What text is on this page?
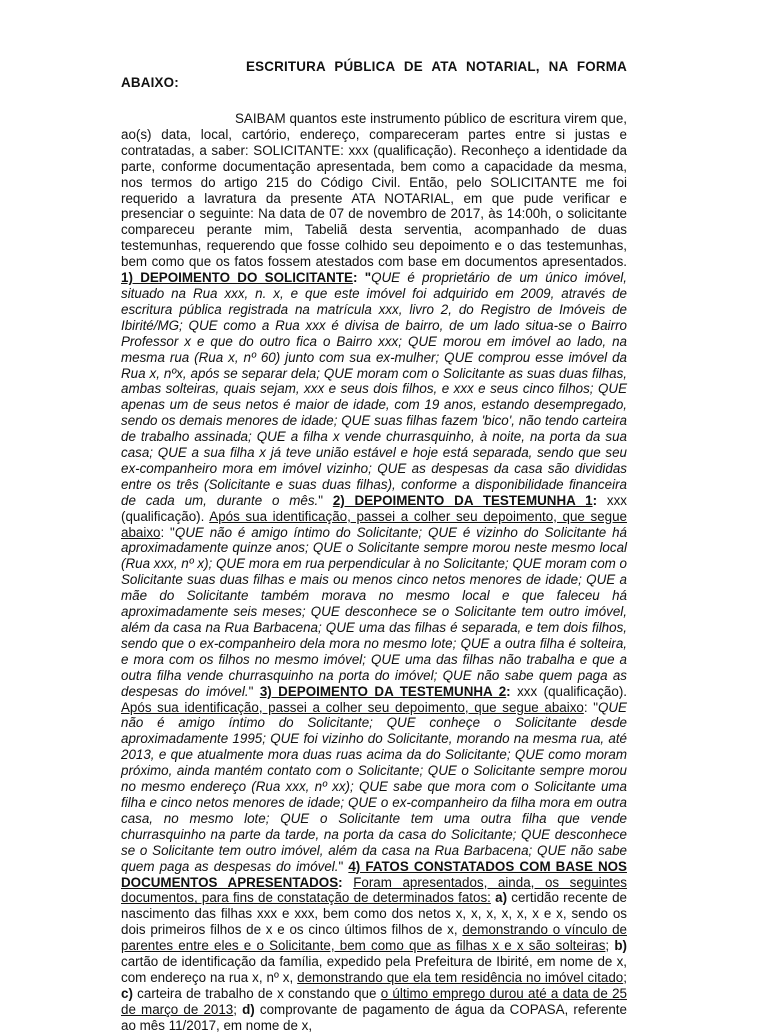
ESCRITURA PÚBLICA DE ATA NOTARIAL, NA FORMA
ABAIXO:
SAIBAM quantos este instrumento público de escritura virem que, ao(s) data, local, cartório, endereço, compareceram partes entre si justas e contratadas, a saber: SOLICITANTE: xxx (qualificação). Reconheço a identidade da parte, conforme documentação apresentada, bem como a capacidade da mesma, nos termos do artigo 215 do Código Civil. Então, pelo SOLICITANTE me foi requerido a lavratura da presente ATA NOTARIAL, em que pude verificar e presenciar o seguinte: Na data de 07 de novembro de 2017, às 14:00h, o solicitante compareceu perante mim, Tabeliã desta serventia, acompanhado de duas testemunhas, requerendo que fosse colhido seu depoimento e o das testemunhas, bem como que os fatos fossem atestados com base em documentos apresentados. 1) DEPOIMENTO DO SOLICITANTE: "QUE é proprietário de um único imóvel, situado na Rua xxx, n. x, e que este imóvel foi adquirido em 2009, através de escritura pública registrada na matrícula xxx, livro 2, do Registro de Imóveis de Ibirité/MG; QUE como a Rua xxx é divisa de bairro, de um lado situa-se o Bairro Professor x e que do outro fica o Bairro xxx; QUE morou em imóvel ao lado, na mesma rua (Rua x, nº 60) junto com sua ex-mulher; QUE comprou esse imóvel da Rua x, nºx, após se separar dela; QUE moram com o Solicitante as suas duas filhas, ambas solteiras, quais sejam, xxx e seus dois filhos, e xxx e seus cinco filhos; QUE apenas um de seus netos é maior de idade, com 19 anos, estando desempregado, sendo os demais menores de idade; QUE suas filhas fazem 'bico', não tendo carteira de trabalho assinada; QUE a filha x vende churrasquinho, à noite, na porta da sua casa; QUE a sua filha x já teve união estável e hoje está separada, sendo que seu ex-companheiro mora em imóvel vizinho; QUE as despesas da casa são divididas entre os três (Solicitante e suas duas filhas), conforme a disponibilidade financeira de cada um, durante o mês." 2) DEPOIMENTO DA TESTEMUNHA 1: xxx (qualificação). Após sua identificação, passei a colher seu depoimento, que segue abaixo: "QUE não é amigo íntimo do Solicitante; QUE é vizinho do Solicitante há aproximadamente quinze anos; QUE o Solicitante sempre morou neste mesmo local (Rua xxx, nº x); QUE mora em rua perpendicular à no Solicitante; QUE moram com o Solicitante suas duas filhas e mais ou menos cinco netos menores de idade; QUE a mãe do Solicitante também morava no mesmo local e que faleceu há aproximadamente seis meses; QUE desconhece se o Solicitante tem outro imóvel, além da casa na Rua Barbacena; QUE uma das filhas é separada, e tem dois filhos, sendo que o ex-companheiro dela mora no mesmo lote; QUE a outra filha é solteira, e mora com os filhos no mesmo imóvel; QUE uma das filhas não trabalha e que a outra filha vende churrasquinho na porta do imóvel; QUE não sabe quem paga as despesas do imóvel." 3) DEPOIMENTO DA TESTEMUNHA 2: xxx (qualificação). Após sua identificação, passei a colher seu depoimento, que segue abaixo: "QUE não é amigo íntimo do Solicitante; QUE conheçe o Solicitante desde aproximadamente 1995; QUE foi vizinho do Solicitante, morando na mesma rua, até 2013, e que atualmente mora duas ruas acima da do Solicitante; QUE como moram próximo, ainda mantém contato com o Solicitante; QUE o Solicitante sempre morou no mesmo endereço (Rua xxx, nº xx); QUE sabe que mora com o Solicitante uma filha e cinco netos menores de idade; QUE o ex-companheiro da filha mora em outra casa, no mesmo lote; QUE o Solicitante tem uma outra filha que vende churrasquinho na parte da tarde, na porta da casa do Solicitante; QUE desconhece se o Solicitante tem outro imóvel, além da casa na Rua Barbacena; QUE não sabe quem paga as despesas do imóvel." 4) FATOS CONSTATADOS COM BASE NOS DOCUMENTOS APRESENTADOS: Foram apresentados, ainda, os seguintes documentos, para fins de constatação de determinados fatos: a) certidão recente de nascimento das filhas xxx e xxx, bem como dos netos x, x, x, x, x, x e x, sendo os dois primeiros filhos de x e os cinco últimos filhos de x, demonstrando o vínculo de parentes entre eles e o Solicitante, bem como que as filhas x e x são solteiras; b) cartão de identificação da família, expedido pela Prefeitura de Ibirité, em nome de x, com endereço na rua x, nº x, demonstrando que ela tem residência no imóvel citado; c) carteira de trabalho de x constando que o último emprego durou até a data de 25 de março de 2013; d) comprovante de pagamento de água da COPASA, referente ao mês 11/2017, em nome de x,
